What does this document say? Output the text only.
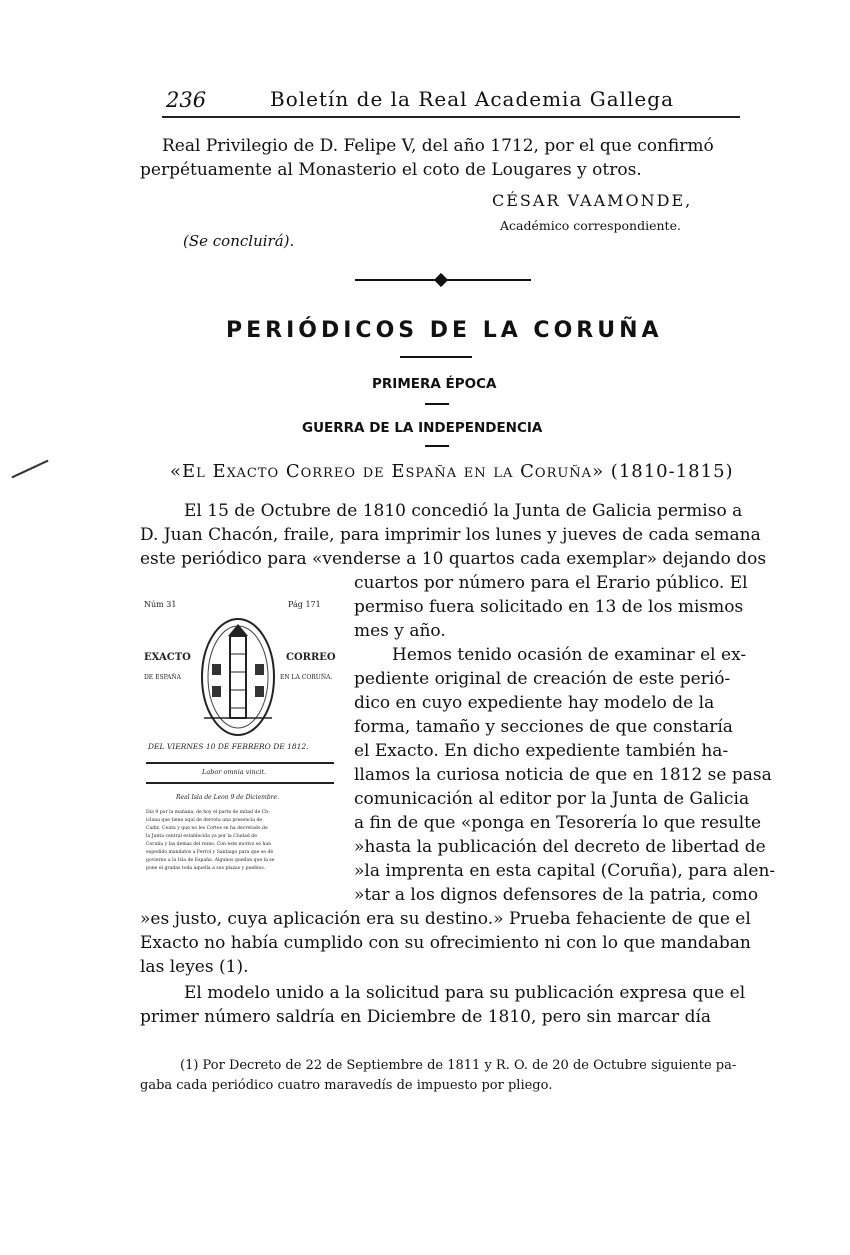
236	Boletín de la Real Academia Gallega
Real Privilegio de D. Felipe V, del año 1712, por el que confirmó
perpétuamente al Monasterio el coto de Lougares y otros.
CÉSAR VAAMONDE,
Académico correspondiente.
(Se concluirá).
PERIÓDICOS DE LA CORUÑA
PRIMERA ÉPOCA
GUERRA DE LA INDEPENDENCIA
«El Exacto Correo de España en la Coruña» (1810-1815)
El 15 de Octubre de 1810 concedió la Junta de Galicia permiso a
D. Juan Chacón, fraile, para imprimir los lunes y jueves de cada semana
este periódico para «venderse a 10 quartos cada exemplar» dejando dos
cuartos por número para el Erario público. El
permiso fuera solicitado en 13 de los mismos
mes y año.
Hemos tenido ocasión de examinar el ex-
pediente original de creación de este perió-
dico en cuyo expediente hay modelo de la
forma, tamaño y secciones de que constaría
el Exacto. En dicho expediente también ha-
llamos la curiosa noticia de que en 1812 se pasa
comunicación al editor por la Junta de Galicia
a fin de que «ponga en Tesorería lo que resulte
»hasta la publicación del decreto de libertad de
»la imprenta en esta capital (Coruña), para alen-
»tar a los dignos defensores de la patria, como
»es justo, cuya aplicación era su destino.» Prueba fehaciente de que el
Exacto no había cumplido con su ofrecimiento ni con lo que mandaban
las leyes (1).
El modelo unido a la solicitud para su publicación expresa que el
primer número saldría en Diciembre de 1810, pero sin marcar día
(1) Por Decreto de 22 de Septiembre de 1811 y R. O. de 20 de Octubre siguiente pa-
gaba cada periódico cuatro maravedís de impuesto por pliego.
Núm 31	Pág 171
EXACTO	CORREO
DE ESPAÑA	EN LA CORUÑA.
DEL VIERNES 10 DE FEBRERO DE 1812.
Labor omnia vincit.
Real Isla de Leon 9 de Diciembre.
Dia 9 por la mañana, de hoy el parte de mitad de Ch-
iclana que tiene aquí de derrota una presencia de
Cadiz, Ceuta y que no les Cortes se ha decretado de
la Junta central establecida ya por la Ciudad de
Coruña y las demas del reino. Con este motivo se han
expedido mandatos a Ferrol y Santiago para que se dé
govierno a la Isla de España. Algunos quedan que la se
pone el gradas toda aquella a sus plazas y pueblos.
